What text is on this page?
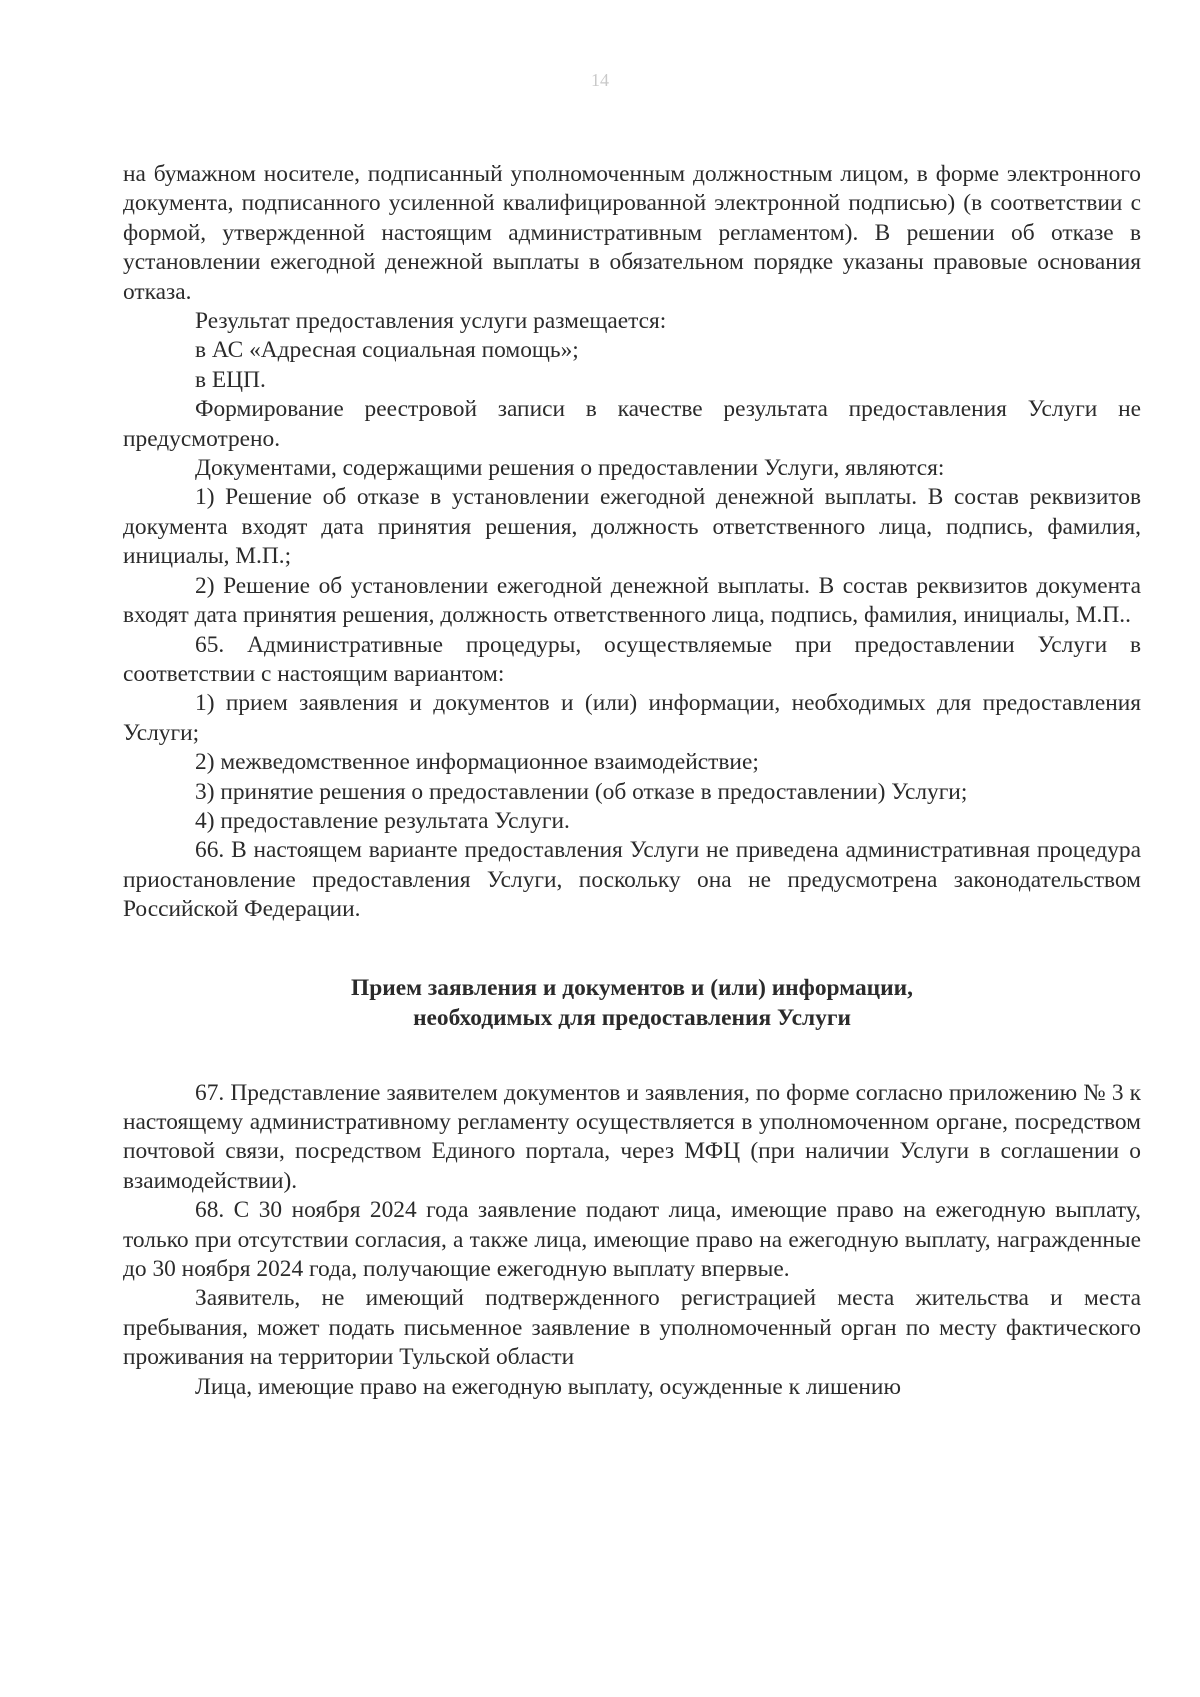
14

на бумажном носителе, подписанный уполномоченным должностным лицом, в форме электронного документа, подписанного усиленной квалифицированной электронной подписью) (в соответствии с формой, утвержденной настоящим административным регламентом). В решении об отказе в установлении ежегодной денежной выплаты в обязательном порядке указаны правовые основания отказа.

Результат предоставления услуги размещается:

в АС «Адресная социальная помощь»;

в ЕЦП.

Формирование реестровой записи в качестве результата предоставления Услуги не предусмотрено.

Документами, содержащими решения о предоставлении Услуги, являются:

1) Решение об отказе в установлении ежегодной денежной выплаты. В состав реквизитов документа входят дата принятия решения, должность ответственного лица, подпись, фамилия, инициалы, М.П.;

2) Решение об установлении ежегодной денежной выплаты. В состав реквизитов документа входят дата принятия решения, должность ответственного лица, подпись, фамилия, инициалы, М.П..

65. Административные процедуры, осуществляемые при предоставлении Услуги в соответствии с настоящим вариантом:

1) прием заявления и документов и (или) информации, необходимых для предоставления Услуги;

2) межведомственное информационное взаимодействие;

3) принятие решения о предоставлении (об отказе в предоставлении) Услуги;

4) предоставление результата Услуги.

66. В настоящем варианте предоставления Услуги не приведена административная процедура приостановление предоставления Услуги, поскольку она не предусмотрена законодательством Российской Федерации.

Прием заявления и документов и (или) информации,
необходимых для предоставления Услуги

67. Представление заявителем документов и заявления, по форме согласно приложению № 3 к настоящему административному регламенту осуществляется в уполномоченном органе, посредством почтовой связи, посредством Единого портала, через МФЦ (при наличии Услуги в соглашении о взаимодействии).

68. С 30 ноября 2024 года заявление подают лица, имеющие право на ежегодную выплату, только при отсутствии согласия, а также лица, имеющие право на ежегодную выплату, награжденные до 30 ноября 2024 года, получающие ежегодную выплату впервые.

Заявитель, не имеющий подтвержденного регистрацией места жительства и места пребывания, может подать письменное заявление в уполномоченный орган по месту фактического проживания на территории Тульской области

Лица, имеющие право на ежегодную выплату, осужденные к лишению
